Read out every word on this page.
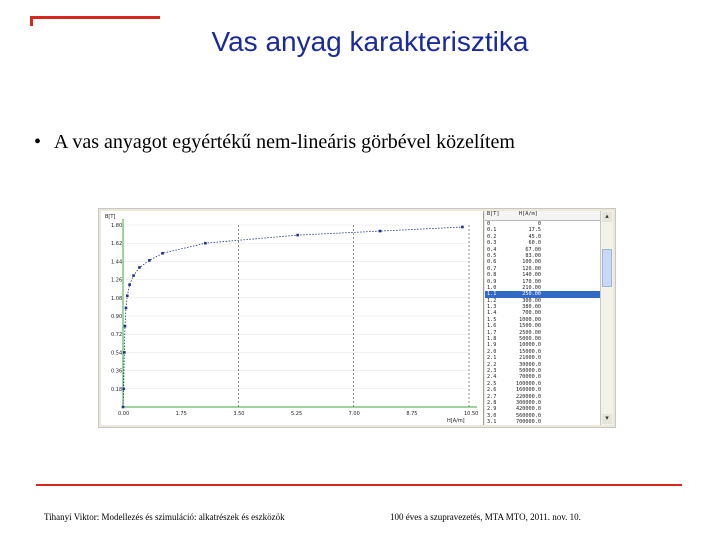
Vas anyag karakterisztika
• A vas anyagot egyértékű nem-lineáris görbével közelítem
1.80
1.62
1.44
1.26
1.08
0.90
0.72
0.54
0.36
0.18
0.00	1.75	3.50	5.25	7.00	8.75	10.50
B[T]
H[A/m]
B[T]	H[A/m]
0	0
0.1	17.5
0.2	45.0
0.3	60.0
0.4	67.00
0.5	83.00
0.6	100.00
0.7	120.00
0.8	140.00
0.9	170.00
1.0	210.00
1.1	250.00
1.2	300.00
1.3	380.00
1.4	700.00
1.5	1000.00
1.6	1500.00
1.7	2500.00
1.8	5000.00
1.9	10000.0
2.0	15000.0
2.1	21000.0
2.2	30000.0
2.3	50000.0
2.4	70000.0
2.5	100000.0
2.6	160000.0
2.7	220000.0
2.8	300000.0
2.9	420000.0
3.0	560000.0
3.1	700000.0
▴
▾
Tihanyi Viktor: Modellezés és szimuláció: alkatrészek és eszközök	100 éves a szupravezetés, MTA MTO, 2011. nov. 10.
